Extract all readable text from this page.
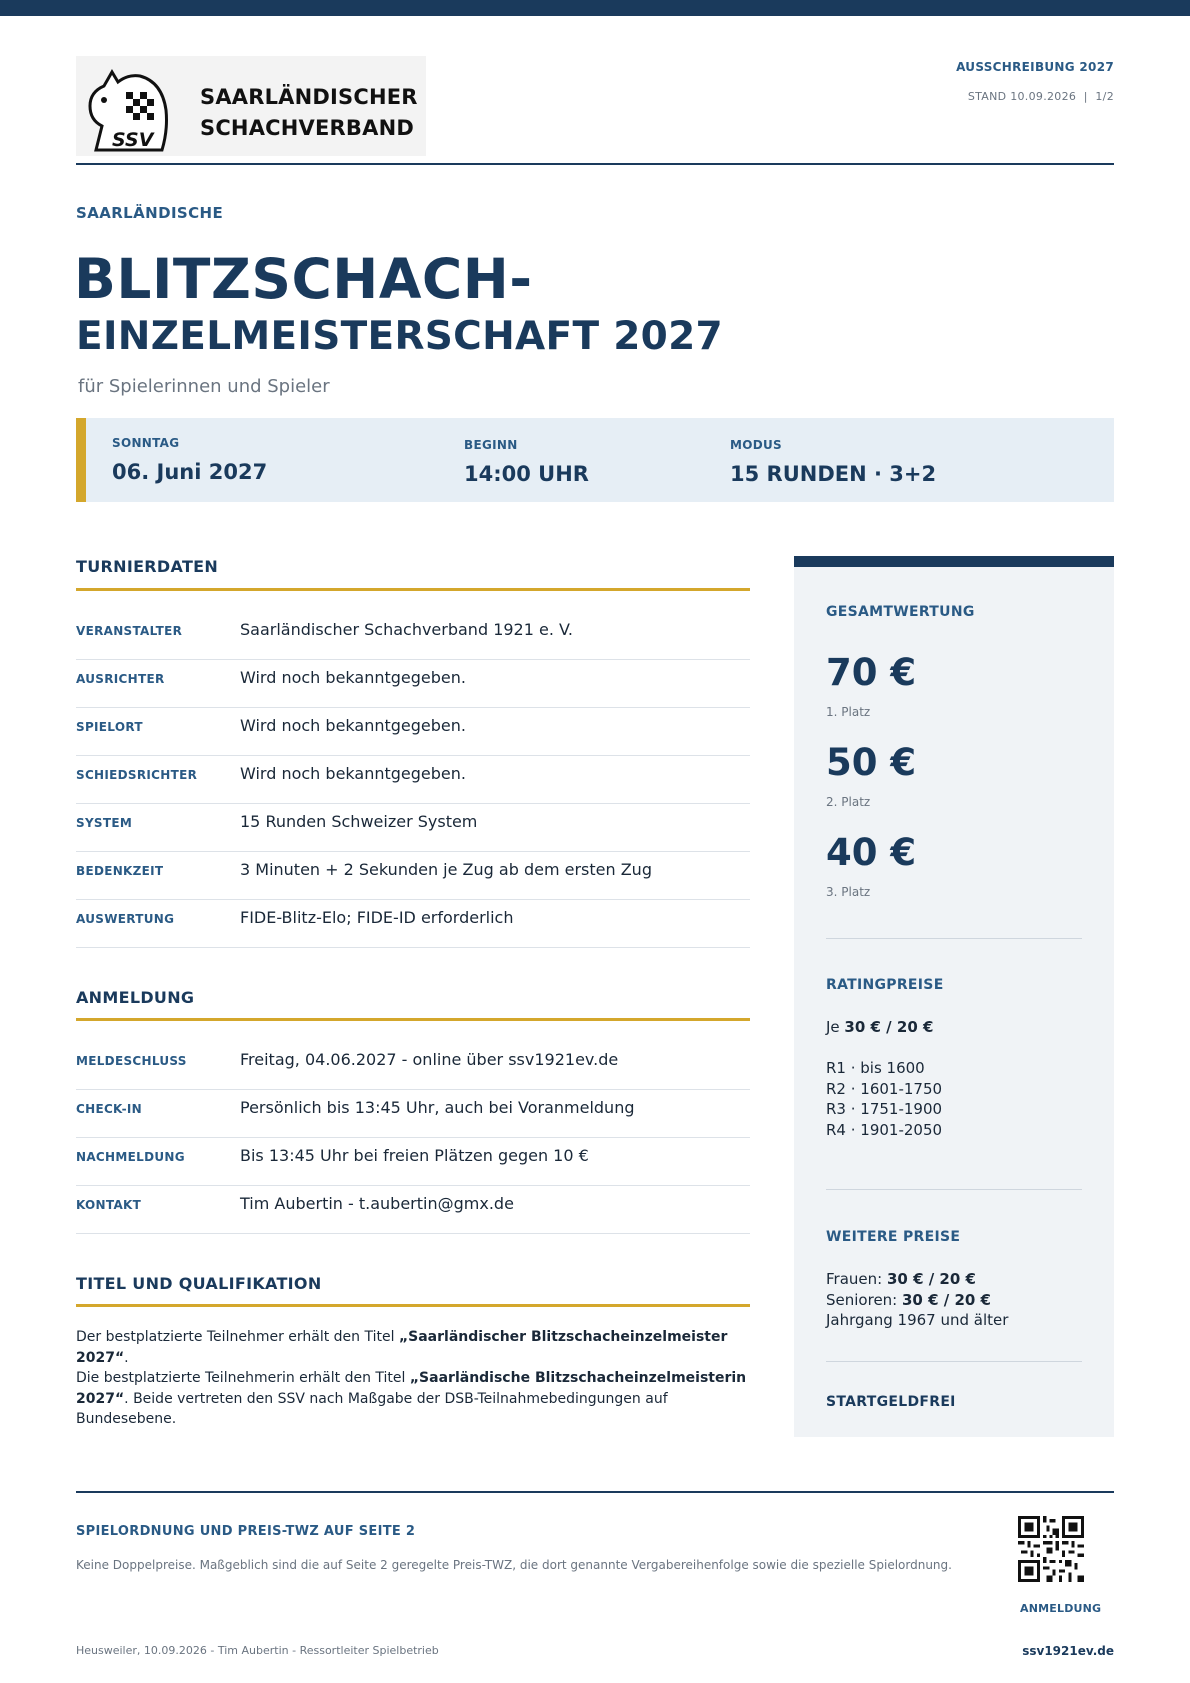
SSV
SAARLÄNDISCHER
SCHACHVERBAND
AUSSCHREIBUNG 2027
STAND 10.09.2026  |  1/2
SAARLÄNDISCHE
BLITZSCHACH-
EINZELMEISTERSCHAFT 2027
für Spielerinnen und Spieler
SONNTAG
06. Juni 2027
BEGINN
14:00 UHR
MODUS
15 RUNDEN · 3+2
TURNIERDATEN
VERANSTALTER	Saarländischer Schachverband 1921 e. V.
AUSRICHTER	Wird noch bekanntgegeben.
SPIELORT	Wird noch bekanntgegeben.
SCHIEDSRICHTER	Wird noch bekanntgegeben.
SYSTEM	15 Runden Schweizer System
BEDENKZEIT	3 Minuten + 2 Sekunden je Zug ab dem ersten Zug
AUSWERTUNG	FIDE-Blitz-Elo; FIDE-ID erforderlich
ANMELDUNG
MELDESCHLUSS	Freitag, 04.06.2027 - online über ssv1921ev.de
CHECK-IN	Persönlich bis 13:45 Uhr, auch bei Voranmeldung
NACHMELDUNG	Bis 13:45 Uhr bei freien Plätzen gegen 10 €
KONTAKT	Tim Aubertin - t.aubertin@gmx.de
TITEL UND QUALIFIKATION
Der bestplatzierte Teilnehmer erhält den Titel „Saarländischer Blitzschacheinzelmeister 2027“.
Die bestplatzierte Teilnehmerin erhält den Titel „Saarländische Blitzschacheinzelmeisterin 2027“. Beide vertreten den SSV nach Maßgabe der DSB-Teilnahmebedingungen auf Bundesebene.
GESAMTWERTUNG
70 €
1. Platz
50 €
2. Platz
40 €
3. Platz
RATINGPREISE
Je 30 € / 20 €
R1 · bis 1600
R2 · 1601-1750
R3 · 1751-1900
R4 · 1901-2050
WEITERE PREISE
Frauen: 30 € / 20 €
Senioren: 30 € / 20 €
Jahrgang 1967 und älter
STARTGELDFREI
SPIELORDNUNG UND PREIS-TWZ AUF SEITE 2
Keine Doppelpreise. Maßgeblich sind die auf Seite 2 geregelte Preis-TWZ, die dort genannte Vergabereihenfolge sowie die spezielle Spielordnung.
ANMELDUNG
Heusweiler, 10.09.2026 - Tim Aubertin - Ressortleiter Spielbetrieb	ssv1921ev.de
